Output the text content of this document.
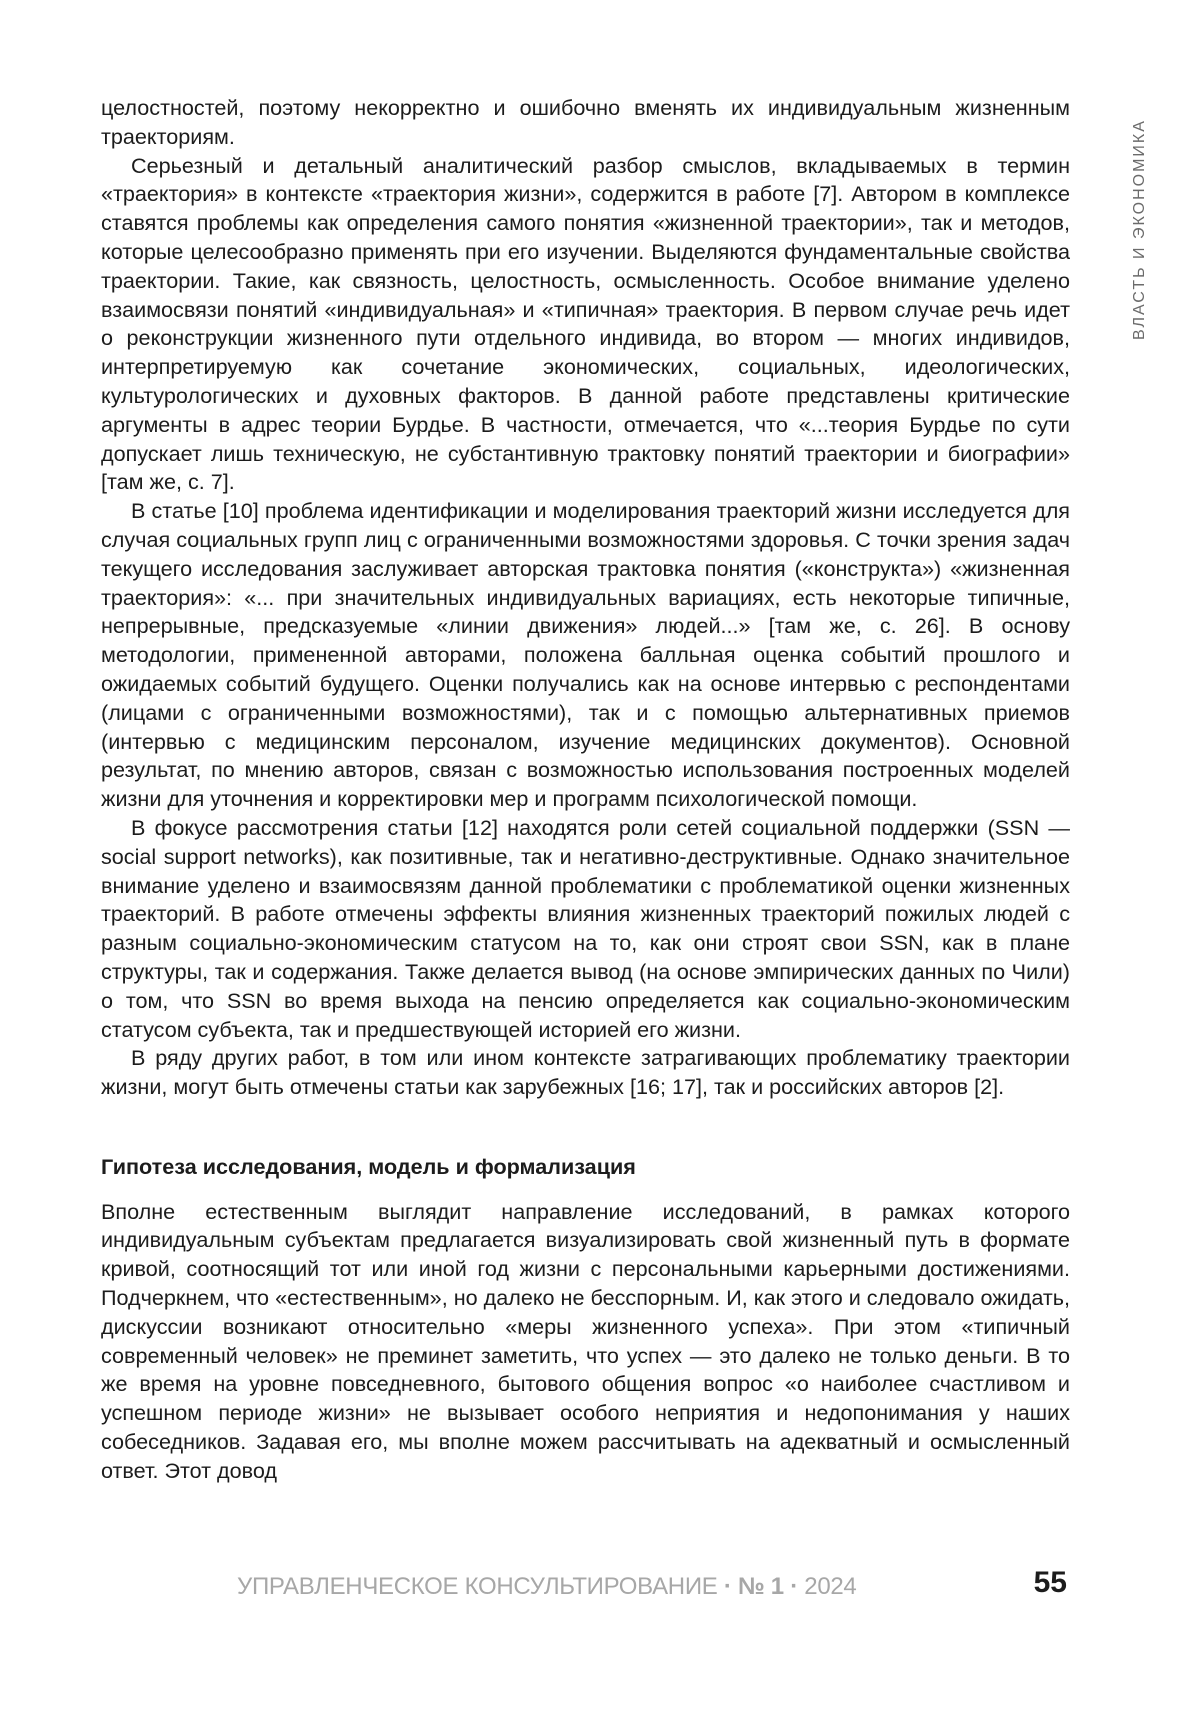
ВЛАСТЬ И ЭКОНОМИКА

целостностей, поэтому некорректно и ошибочно вменять их индивидуальным жизненным траекториям.

Серьезный и детальный аналитический разбор смыслов, вкладываемых в термин «траектория» в контексте «траектория жизни», содержится в работе [7]. Автором в комплексе ставятся проблемы как определения самого понятия «жизненной траектории», так и методов, которые целесообразно применять при его изучении. Выделяются фундаментальные свойства траектории. Такие, как связность, целостность, осмысленность. Особое внимание уделено взаимосвязи понятий «индивидуальная» и «типичная» траектория. В первом случае речь идет о реконструкции жизненного пути отдельного индивида, во втором — многих индивидов, интерпретируемую как сочетание экономических, социальных, идеологических, культурологических и духовных факторов. В данной работе представлены критические аргументы в адрес теории Бурдье. В частности, отмечается, что «...теория Бурдье по сути допускает лишь техническую, не субстантивную трактовку понятий траектории и биографии» [там же, с. 7].

В статье [10] проблема идентификации и моделирования траекторий жизни исследуется для случая социальных групп лиц с ограниченными возможностями здоровья. С точки зрения задач текущего исследования заслуживает авторская трактовка понятия («конструкта») «жизненная траектория»: «... при значительных индивидуальных вариациях, есть некоторые типичные, непрерывные, предсказуемые «линии движения» людей...» [там же, с. 26]. В основу методологии, примененной авторами, положена балльная оценка событий прошлого и ожидаемых событий будущего. Оценки получались как на основе интервью с респондентами (лицами с ограниченными возможностями), так и с помощью альтернативных приемов (интервью с медицинским персоналом, изучение медицинских документов). Основной результат, по мнению авторов, связан с возможностью использования построенных моделей жизни для уточнения и корректировки мер и программ психологической помощи.

В фокусе рассмотрения статьи [12] находятся роли сетей социальной поддержки (SSN — social support networks), как позитивные, так и негативно-деструктивные. Однако значительное внимание уделено и взаимосвязям данной проблематики с проблематикой оценки жизненных траекторий. В работе отмечены эффекты влияния жизненных траекторий пожилых людей с разным социально-экономическим статусом на то, как они строят свои SSN, как в плане структуры, так и содержания. Также делается вывод (на основе эмпирических данных по Чили) о том, что SSN во время выхода на пенсию определяется как социально-экономическим статусом субъекта, так и предшествующей историей его жизни.

В ряду других работ, в том или ином контексте затрагивающих проблематику траектории жизни, могут быть отмечены статьи как зарубежных [16; 17], так и российских авторов [2].

Гипотеза исследования, модель и формализация

Вполне естественным выглядит направление исследований, в рамках которого индивидуальным субъектам предлагается визуализировать свой жизненный путь в формате кривой, соотносящий тот или иной год жизни с персональными карьерными достижениями. Подчеркнем, что «естественным», но далеко не бесспорным. И, как этого и следовало ожидать, дискуссии возникают относительно «меры жизненного успеха». При этом «типичный современный человек» не преминет заметить, что успех — это далеко не только деньги. В то же время на уровне повседневного, бытового общения вопрос «о наиболее счастливом и успешном периоде жизни» не вызывает особого неприятия и недопонимания у наших собеседников. Задавая его, мы вполне можем рассчитывать на адекватный и осмысленный ответ. Этот довод

УПРАВЛЕНЧЕСКОЕ КОНСУЛЬТИРОВАНИЕ · № 1 · 2024	55
